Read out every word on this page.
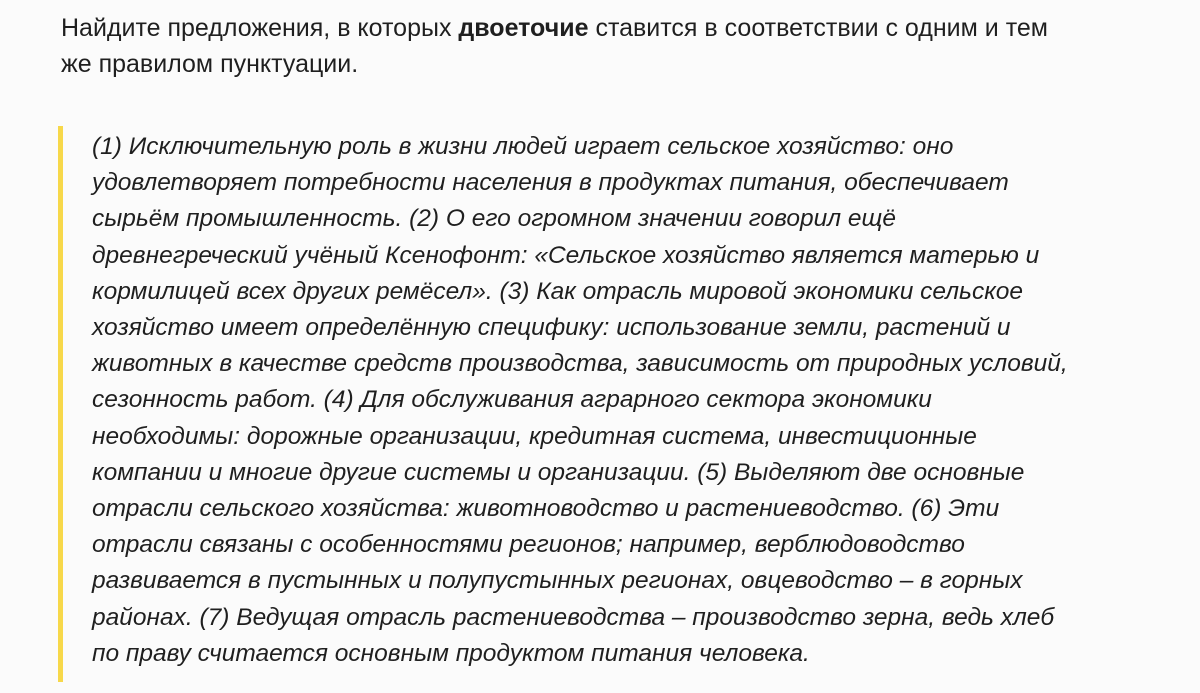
Найдите предложения, в которых двоеточие ставится в соответствии с одним и тем
же правилом пунктуации.

(1) Исключительную роль в жизни людей играет сельское хозяйство: оно
удовлетворяет потребности населения в продуктах питания, обеспечивает
сырьём промышленность. (2) О его огромном значении говорил ещё
древнегреческий учёный Ксенофонт: «Сельское хозяйство является матерью и
кормилицей всех других ремёсел». (3) Как отрасль мировой экономики сельское
хозяйство имеет определённую специфику: использование земли, растений и
животных в качестве средств производства, зависимость от природных условий,
сезонность работ. (4) Для обслуживания аграрного сектора экономики
необходимы: дорожные организации, кредитная система, инвестиционные
компании и многие другие системы и организации. (5) Выделяют две основные
отрасли сельского хозяйства: животноводство и растениеводство. (6) Эти
отрасли связаны с особенностями регионов; например, верблюдоводство
развивается в пустынных и полупустынных регионах, овцеводство – в горных
районах. (7) Ведущая отрасль растениеводства – производство зерна, ведь хлеб
по праву считается основным продуктом питания человека.
